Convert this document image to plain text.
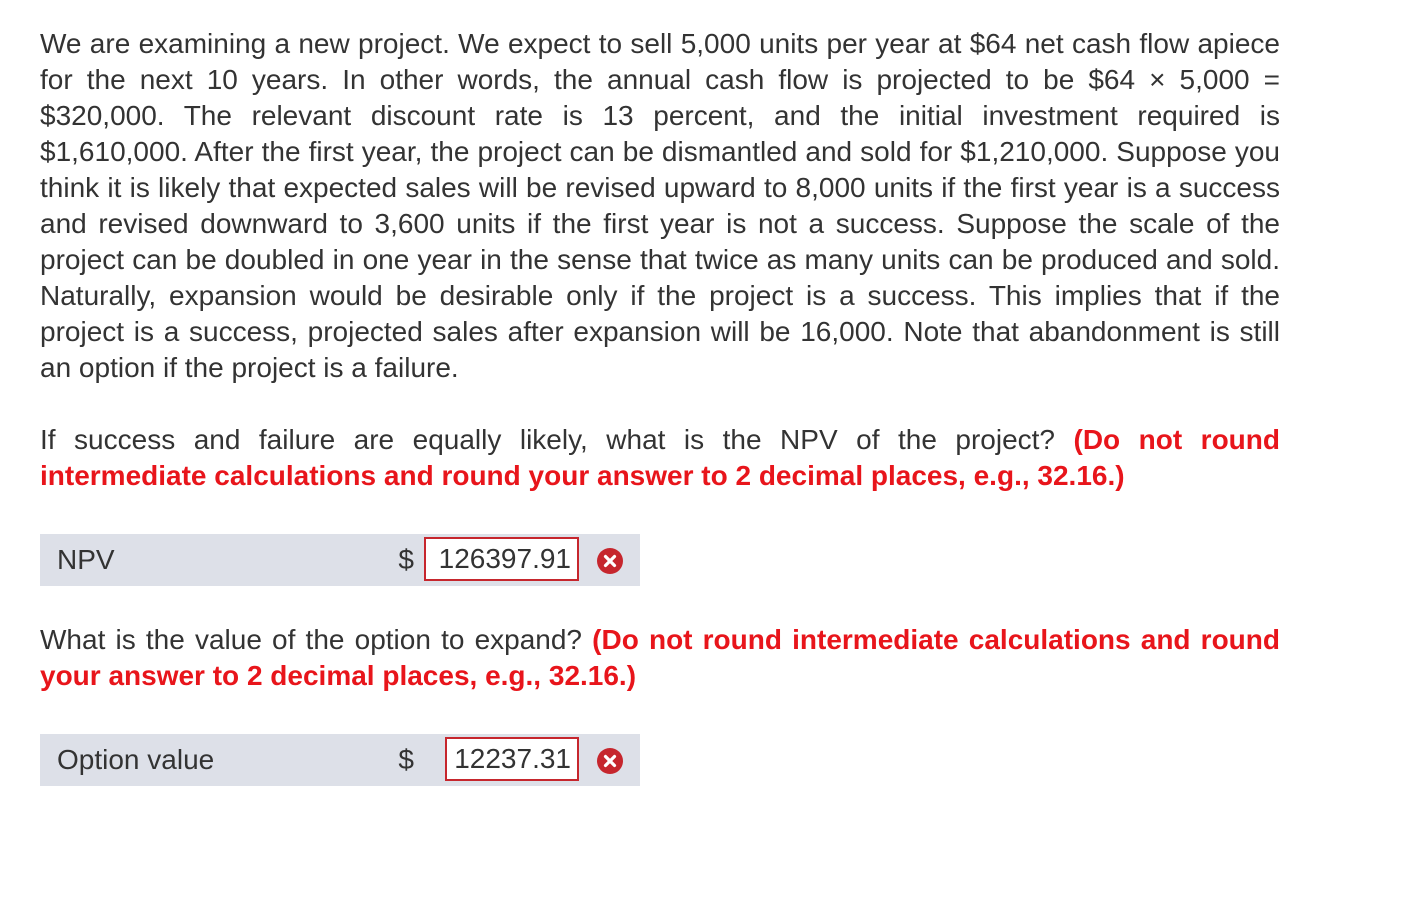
We are examining a new project. We expect to sell 5,000 units per year at $64 net cash flow apiece for the next 10 years. In other words, the annual cash flow is projected to be $64 × 5,000 = $320,000. The relevant discount rate is 13 percent, and the initial investment required is $1,610,000. After the first year, the project can be dismantled and sold for $1,210,000. Suppose you think it is likely that expected sales will be revised upward to 8,000 units if the first year is a success and revised downward to 3,600 units if the first year is not a success. Suppose the scale of the project can be doubled in one year in the sense that twice as many units can be produced and sold. Naturally, expansion would be desirable only if the project is a success. This implies that if the project is a success, projected sales after expansion will be 16,000. Note that abandonment is still an option if the project is a failure.

If success and failure are equally likely, what is the NPV of the project? (Do not round intermediate calculations and round your answer to 2 decimal places, e.g., 32.16.)

NPV	$
126397.91

What is the value of the option to expand? (Do not round intermediate calculations and round your answer to 2 decimal places, e.g., 32.16.)

Option value	$
12237.31
